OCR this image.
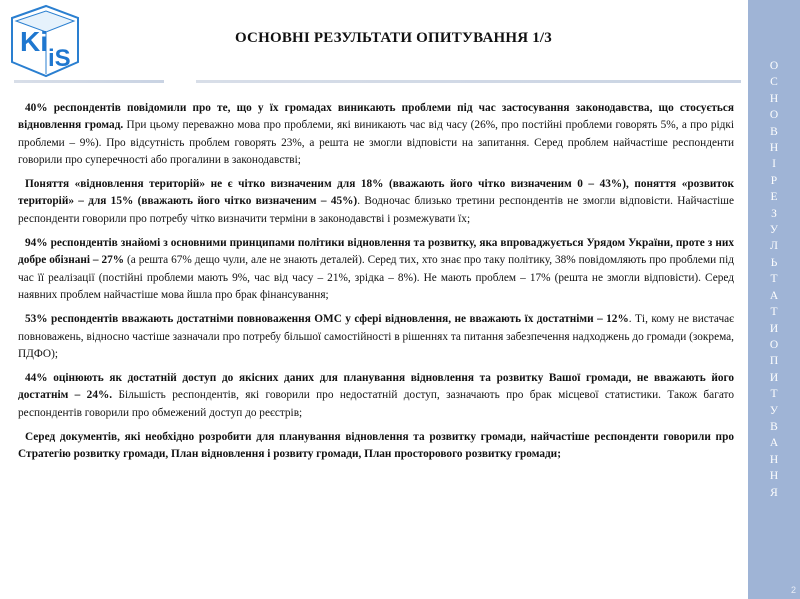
Ki
iS
ОСНОВНІ РЕЗУЛЬТАТИ ОПИТУВАННЯ 1/3
О
С
Н
О
В
Н
І
Р
Е
З
У
Л
Ь
Т
А
Т
И
О
П
И
Т
У
В
А
Н
Н
Я
2

40% респондентів повідомили про те, що у їх громадах виникають проблеми під час застосування законодавства, що стосується відновлення громад. При цьому переважно мова про проблеми, які виникають час від часу (26%, про постійні проблеми говорять 5%, а про рідкі проблеми – 9%). Про відсутність проблем говорять 23%, а решта не змогли відповісти на запитання. Серед проблем найчастіше респонденти говорили про суперечності або прогалини в законодавстві;

Поняття «відновлення територій» не є чітко визначеним для 18% (вважають його чітко визначеним 0 – 43%), поняття «розвиток територій» – для 15% (вважають його чітко визначеним – 45%). Водночас близько третини респондентів не змогли відповісти. Найчастіше респонденти говорили про потребу чітко визначити терміни в законодавстві і розмежувати їх;

94% респондентів знайомі з основними принципами політики відновлення та розвитку, яка впроваджується Урядом України, проте з них добре обізнані – 27% (а решта 67% дещо чули, але не знають деталей). Серед тих, хто знає про таку політику, 38% повідомляють про проблеми під час її реалізації (постійні проблеми мають 9%, час від часу – 21%, зрідка – 8%). Не мають проблем – 17% (решта не змогли відповісти). Серед наявних проблем найчастіше мова йшла про брак фінансування;

53% респондентів вважають достатніми повноваження ОМС у сфері відновлення, не вважають їх достатніми – 12%. Ті, кому не вистачає повноважень, відносно частіше зазначали про потребу більшої самостійності в рішеннях та питання забезпечення надходжень до громади (зокрема, ПДФО);

44% оцінюють як достатній доступ до якісних даних для планування відновлення та розвитку Вашої громади, не вважають його достатнім – 24%. Більшість респондентів, які говорили про недостатній доступ, зазначають про брак місцевої статистики. Також багато респондентів говорили про обмежений доступ до реєстрів;

Серед документів, які необхідно розробити для планування відновлення та розвитку громади, найчастіше респонденти говорили про Стратегію розвитку громади, План відновлення і розвиту громади, План просторового розвитку громади;
